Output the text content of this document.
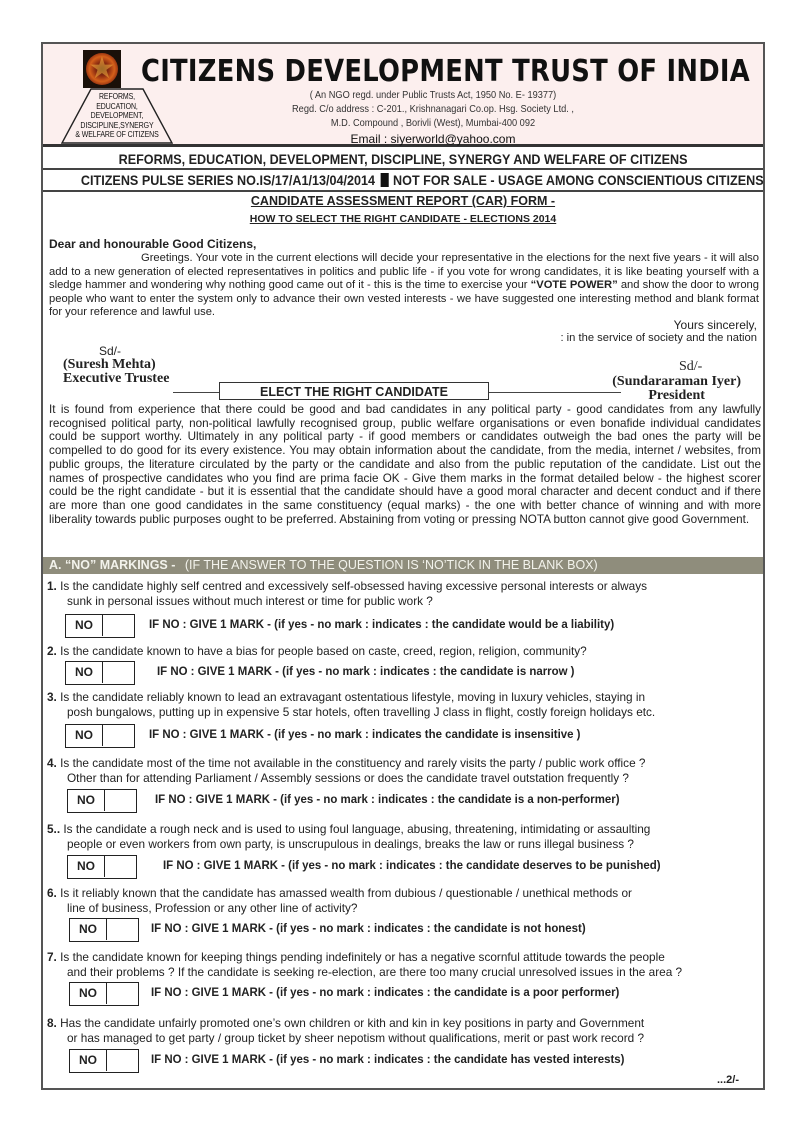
★
REFORMS,
EDUCATION,
DEVELOPMENT,
DISCIPLINE,SYNERGY
& WELFARE OF CITIZENS
CITIZENS DEVELOPMENT TRUST OF INDIA
( An NGO regd. under Public Trusts Act, 1950 No. E- 19377)
Regd. C/o address : C-201., Krishnanagari Co.op. Hsg. Society Ltd. ,
M.D. Compound , Borivli (West), Mumbai-400 092
Email : siyerworld@yahoo.com
REFORMS, EDUCATION, DEVELOPMENT, DISCIPLINE, SYNERGY AND WELFARE OF CITIZENS
CITIZENS PULSE SERIES NO.IS/17/A1/13/04/2014 NOT FOR SALE - USAGE AMONG CONSCIENTIOUS CITIZENS
CANDIDATE ASSESSMENT REPORT (CAR) FORM -
HOW TO SELECT THE RIGHT CANDIDATE - ELECTIONS 2014
Dear and honourable Good Citizens,
Greetings. Your vote in the current elections will decide your representative in the elections for the next five years - it will also add to a new generation of elected representatives in politics and public life - if you vote for wrong candidates, it is like beating yourself with a sledge hammer and wondering why nothing good came out of it - this is the time to exercise your “VOTE POWER” and show the door to wrong people who want to enter the system only to advance their own vested interests - we have suggested one interesting method and blank format for your reference and lawful use.
Yours sincerely,
: in the service of society and the nation
Sd/-
(Suresh Mehta)
Executive Trustee
Sd/-
(Sundararaman Iyer)
President
ELECT THE RIGHT CANDIDATE
It is found from experience that there could be good and bad candidates in any political party - good candidates from any lawfully recognised political party, non-political lawfully recognised group, public welfare organisations or even bonafide individual candidates could be support worthy. Ultimately in any political party - if good members or candidates outweigh the bad ones the party will be compelled to do good for its every existence. You may obtain information about the candidate, from the media, internet / websites, from public groups, the literature circulated by the party or the candidate and also from the public reputation of the candidate. List out the names of prospective candidates who you find are prima facie OK - Give them marks in the format detailed below - the highest scorer could be the right candidate - but it is essential that the candidate should have a good moral character and decent conduct and if there are more than one good candidates in the same constituency (equal marks) - the one with better chance of winning and with more liberality towards public purposes ought to be preferred. Abstaining from voting or pressing NOTA button cannot give good Government.
A. “NO” MARKINGS - (IF THE ANSWER TO THE QUESTION IS ‘NO’TICK IN THE BLANK BOX)
1. Is the candidate highly self centred and excessively self-obsessed having excessive personal interests or always
sunk in personal issues without much interest or time for public work ?
NO	IF NO : GIVE 1 MARK - (if yes - no mark : indicates : the candidate would be a liability)
2. Is the candidate known to have a bias for people based on caste, creed, region, religion, community?
NO	IF NO : GIVE 1 MARK - (if yes - no mark : indicates : the candidate is narrow )
3. Is the candidate reliably known to lead an extravagant ostentatious lifestyle, moving in luxury vehicles, staying in
posh bungalows, putting up in expensive 5 star hotels, often travelling J class in flight, costly foreign holidays etc.
NO	IF NO : GIVE 1 MARK - (if yes - no mark : indicates the candidate is insensitive )
4. Is the candidate most of the time not available in the constituency and rarely visits the party / public work office ?
Other than for attending Parliament / Assembly sessions or does the candidate travel outstation frequently ?
NO	IF NO : GIVE 1 MARK - (if yes - no mark : indicates : the candidate is a non-performer)
5.. Is the candidate a rough neck and is used to using foul language, abusing, threatening, intimidating or assaulting
people or even workers from own party, is unscrupulous in dealings, breaks the law or runs illegal business ?
NO	IF NO : GIVE 1 MARK - (if yes - no mark : indicates : the candidate deserves to be punished)
6. Is it reliably known that the candidate has amassed wealth from dubious / questionable / unethical methods or
line of business, Profession or any other line of activity?
NO	IF NO : GIVE 1 MARK - (if yes - no mark : indicates : the candidate is not honest)
7. Is the candidate known for keeping things pending indefinitely or has a negative scornful attitude towards the people
and their problems ? If the candidate is seeking re-election, are there too many crucial unresolved issues in the area ?
NO	IF NO : GIVE 1 MARK - (if yes - no mark : indicates : the candidate is a poor performer)
8. Has the candidate unfairly promoted one’s own children or kith and kin in key positions in party and Government
or has managed to get party / group ticket by sheer nepotism without qualifications, merit or past work record ?
NO	IF NO : GIVE 1 MARK - (if yes - no mark : indicates : the candidate has vested interests)
...2/-
